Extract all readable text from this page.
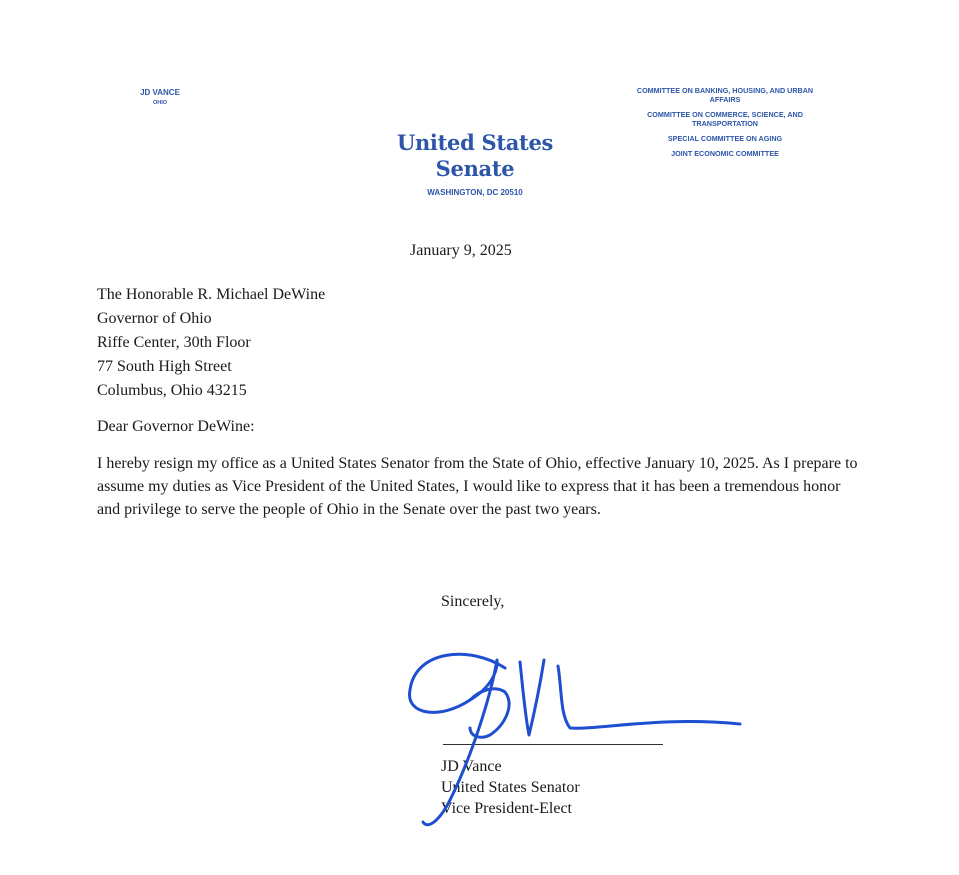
JD VANCE
OHIO
United States Senate
WASHINGTON, DC 20510
COMMITTEE ON BANKING, HOUSING, AND URBAN AFFAIRS
COMMITTEE ON COMMERCE, SCIENCE, AND TRANSPORTATION
SPECIAL COMMITTEE ON AGING
JOINT ECONOMIC COMMITTEE
January 9, 2025
The Honorable R. Michael DeWine
Governor of Ohio
Riffe Center, 30th Floor
77 South High Street
Columbus, Ohio 43215
Dear Governor DeWine:

I hereby resign my office as a United States Senator from the State of Ohio, effective January 10, 2025. As I prepare to assume my duties as Vice President of the United States, I would like to express that it has been a tremendous honor and privilege to serve the people of Ohio in the Senate over the past two years.

Sincerely,
JD Vance
United States Senator
Vice President-Elect
